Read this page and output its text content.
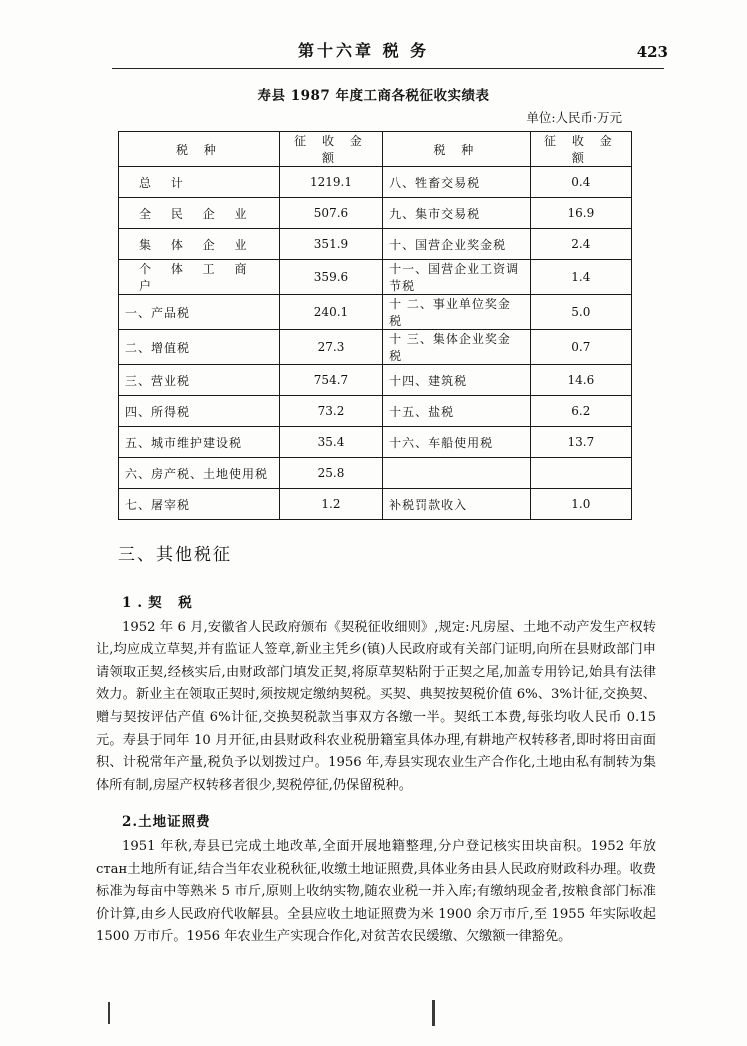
第十六章 税 务	423
寿县 1987 年度工商各税征收实绩表
单位:人民币·万元
税 种	征 收 金 额	税 种	征 收 金 额
总 计	1219.1	八、牲畜交易税	0.4
全 民 企 业	507.6	九、集市交易税	16.9
集 体 企 业	351.9	十、国营企业奖金税	2.4
个 体 工 商 户	359.6	十一、国营企业工资调节税	1.4
一、产品税	240.1	十 二、事业单位奖金税	5.0
二、增值税	27.3	十 三、集体企业奖金税	0.7
三、营业税	754.7	十四、建筑税	14.6
四、所得税	73.2	十五、盐税	6.2
五、城市维护建设税	35.4	十六、车船使用税	13.7
六、房产税、土地使用税	25.8		
七、屠宰税	1.2	补税罚款收入	1.0
三、其他税征
1.契 税

1952 年 6 月,安徽省人民政府颁布《契税征收细则》,规定:凡房屋、土地不动产发生产权转让,均应成立草契,并有监证人签章,新业主凭乡(镇)人民政府或有关部门证明,向所在县财政部门申请领取正契,经核实后,由财政部门填发正契,将原草契粘附于正契之尾,加盖专用钤记,始具有法律效力。新业主在领取正契时,须按规定缴纳契税。买契、典契按契税价值 6%、3%计征,交换契、赠与契按评估产值 6%计征,交换契税款当事双方各缴一半。契纸工本费,每张均收人民币 0.15 元。寿县于同年 10 月开征,由县财政科农业税册籍室具体办理,有耕地产权转移者,即时将田亩面积、计税常年产量,税负予以划拨过户。1956 年,寿县实现农业生产合作化,土地由私有制转为集体所有制,房屋产权转移者很少,契税停征,仍保留税种。

2.土地证照费

1951 年秋,寿县已完成土地改革,全面开展地籍整理,分户登记核实田块亩积。1952 年放стан土地所有证,结合当年农业税秋征,收缴土地证照费,具体业务由县人民政府财政科办理。收费标准为每亩中等熟米 5 市斤,原则上收纳实物,随农业税一并入库;有缴纳现金者,按粮食部门标准价计算,由乡人民政府代收解县。全县应收土地证照费为米 1900 余万市斤,至 1955 年实际收起 1500 万市斤。1956 年农业生产实现合作化,对贫苦农民缓缴、欠缴额一律豁免。
